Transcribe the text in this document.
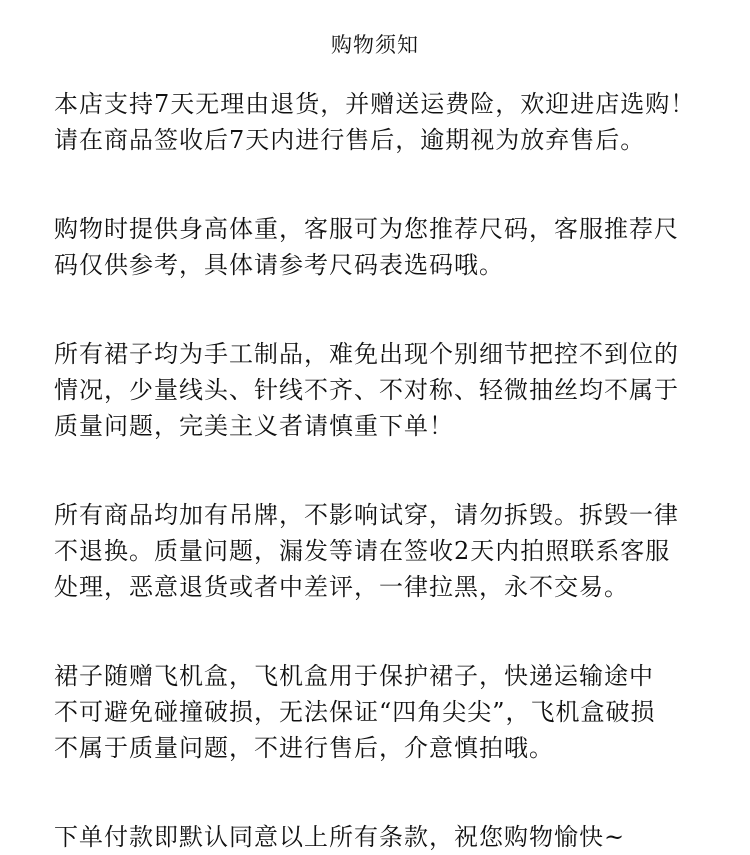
购物须知
本店支持7天无理由退货，并赠送运费险，欢迎进店选购！
请在商品签收后7天内进行售后，逾期视为放弃售后。
购物时提供身高体重，客服可为您推荐尺码，客服推荐尺
码仅供参考，具体请参考尺码表选码哦。
所有裙子均为手工制品，难免出现个别细节把控不到位的
情况，少量线头、针线不齐、不对称、轻微抽丝均不属于
质量问题，完美主义者请慎重下单！
所有商品均加有吊牌，不影响试穿，请勿拆毁。拆毁一律
不退换。质量问题，漏发等请在签收2天内拍照联系客服
处理，恶意退货或者中差评，一律拉黑，永不交易。
裙子随赠飞机盒，飞机盒用于保护裙子，快递运输途中
不可避免碰撞破损，无法保证“四角尖尖”，飞机盒破损
不属于质量问题，不进行售后，介意慎拍哦。
下单付款即默认同意以上所有条款，祝您购物愉快~
